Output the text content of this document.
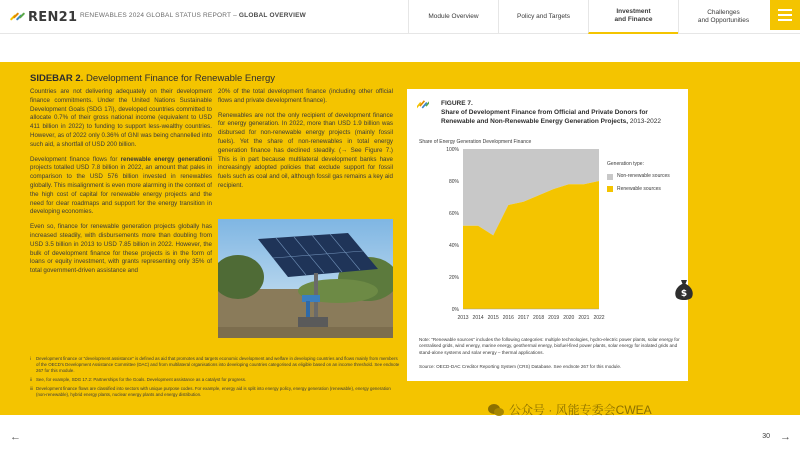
REN21 RENEWABLES 2024 GLOBAL STATUS REPORT – GLOBAL OVERVIEW	Module Overview	Policy and Targets
Investment
and Finance
Challenges
and Opportunities
SIDEBAR 2. Development Finance for Renewable Energy

Countries are not delivering adequately on their development finance commitments. Under the United Nations Sustainable Development Goals (SDG 17i), developed countries committed to allocate 0.7% of their gross national income (equivalent to USD 411 billion in 2022) to funding to support less-wealthy countries. However, as of 2022 only 0.36% of GNI was being channelled into such aid, a shortfall of USD 200 billion.

Development finance flows for renewable energy generationii projects totalled USD 7.8 billion in 2022, an amount that pales in comparison to the USD 576 billion invested in renewables globally. This misalignment is even more alarming in the context of the high cost of capital for renewable energy projects and the need for clear roadmaps and support for the energy transition in developing economies.

Even so, finance for renewable generation projects globally has increased steadily, with disbursements more than doubling from USD 3.5 billion in 2013 to USD 7.85 billion in 2022. However, the bulk of development finance for these projects is in the form of loans or equity investment, with grants representing only 35% of total government-driven assistance and

20% of the total development finance (including other official flows and private development finance).

Renewables are not the only recipient of development finance for energy generation. In 2022, more than USD 1.9 billion was disbursed for non-renewable energy projects (mainly fossil fuels). Yet the share of non-renewables in total energy generation finance has declined steadily. (→ See Figure 7.) This is in part because multilateral development banks have increasingly adopted policies that exclude support for fossil fuels such as coal and oil, although fossil gas remains a key aid recipient.

FIGURE 7.
Share of Development Finance from Official and Private Donors for Renewable and Non-Renewable Energy Generation Projects, 2013-2022
Share of Energy Generation Development Finance
0%
20%
40%
60%
80%
100%
2013 2014 2015 2016 2017 2018 2019 2020 2021 2022
Generation type:
Non-renewable sources
Renewable sources
$
Note: "Renewable sources" includes the following categories: multiple technologies, hydro-electric power plants, solar energy for centralised grids, wind energy, marine energy, geothermal energy, biofuel-fired power plants, solar energy for isolated grids and stand-alone systems and solar energy – thermal applications.
Source: OECD-DAC Creditor Reporting System (CRS) Database. See endnote 267 for this module.

i Development finance or "development assistance" is defined as aid that promotes and targets economic development and welfare in developing countries and flows mainly from members of the OECD's Development Assistance Committee (DAC) and from multilateral organisations into developing countries categorised as eligible based on an income threshold. See endnote 267 for this module.

ii See, for example, SDG 17.2: Partnerships for the Goals. Development assistance as a catalyst for progress.

iii Development finance flows are classified into sectors with unique purpose codes. For example, energy aid is split into energy policy, energy generation (renewable), energy generation (non-renewable), hybrid energy plants, nuclear energy plants and energy distribution.

公众号 · 风能专委会CWEA
←	→
30
